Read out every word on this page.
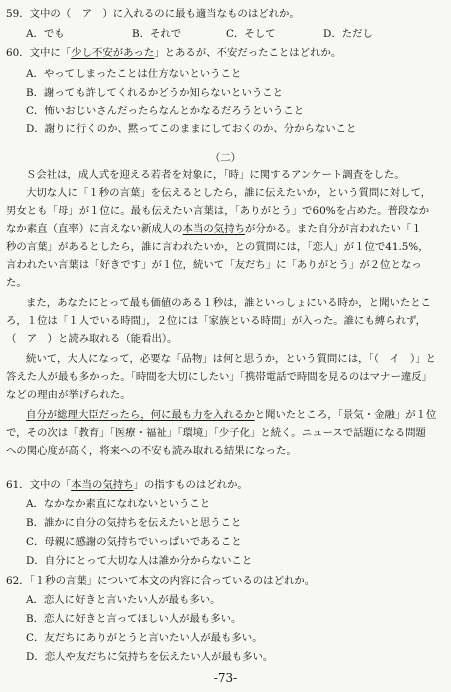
59．文中の（　ア　）に入れるのに最も適当なものはどれか。
A．でも	B．それで	C．そして	D．ただし
60．文中に「少し不安があった」とあるが、不安だったことはどれか。
A．やってしまったことは仕方ないということ
B．謝っても許してくれるかどうか知らないということ
C．怖いおじいさんだったらなんとかなるだろうということ
D．謝りに行くのか、黙ってこのままにしておくのか、分からないこと
（二）
Ｓ会社は，成人式を迎える若者を対象に，「時」に関するアンケート調査をした。
大切な人に「１秒の言葉」を伝えるとしたら，誰に伝えたいか，という質問に対して，
男女とも「母」が１位に。最も伝えたい言葉は，「ありがとう」で60%を占めた。普段なか
なか素直（直率）に言えない新成人の本当の気持ちが分かる。また自分が言われたい「１
秒の言葉」があるとしたら，誰に言われたいか，との質問には，「恋人」が１位で41.5%，
言われたい言葉は「好きです」が１位，続いて「友だち」に「ありがとう」が２位となっ
た。
また，あなたにとって最も価値のある１秒は，誰といっしょにいる時か，と聞いたとこ
ろ，１位は「１人でいる時間」，２位には「家族といる時間」が入った。誰にも縛られず，
（　ア　）と読み取れる（能看出）。
続いて，大人になって，必要な「品物」は何と思うか，という質問には，「（　イ　）」と
答えた人が最も多かった。「時間を大切にしたい」「携帯電話で時間を見るのはマナー違反」
などの理由が挙げられた。
自分が総理大臣だったら，何に最も力を入れるかと聞いたところ，「景気・金融」が１位
で，その次は「教育」「医療・福祉」「環境」「少子化」と続く。ニュースで話題になる問題
への関心度が高く，将来への不安も読み取れる結果になった。
61．文中の「本当の気持ち」の指すものはどれか。
A．なかなか素直になれないということ
B．誰かに自分の気持ちを伝えたいと思うこと
C．母親に感謝の気持ちでいっぱいであること
D．自分にとって大切な人は誰か分からないこと
62．「１秒の言葉」について本文の内容に合っているのはどれか。
A．恋人に好きと言いたい人が最も多い。
B．恋人に好きと言ってほしい人が最も多い。
C．友だちにありがとうと言いたい人が最も多い。
D．恋人や友だちに気持ちを伝えたい人が最も多い。
-73-
